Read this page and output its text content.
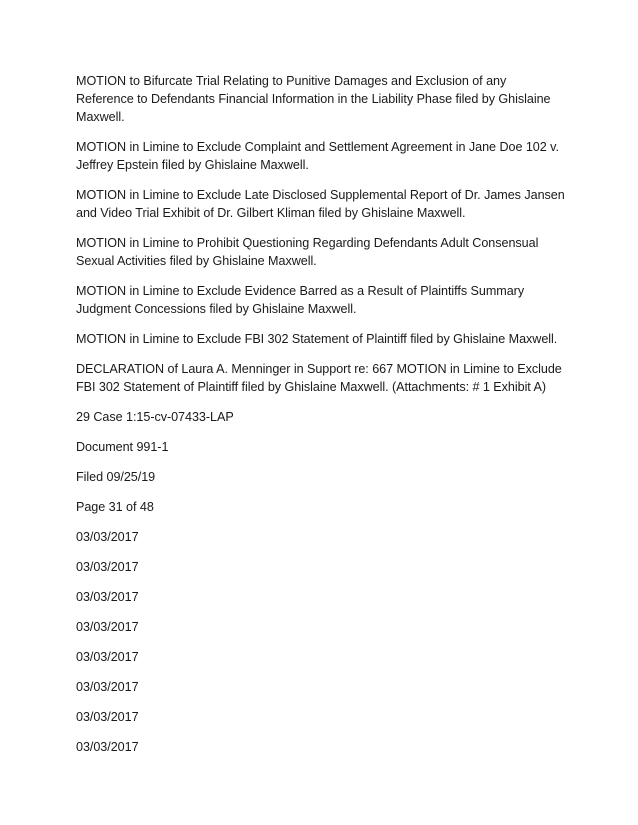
MOTION to Bifurcate Trial Relating to Punitive Damages and Exclusion of any Reference to Defendants Financial Information in the Liability Phase filed by Ghislaine Maxwell.

MOTION in Limine to Exclude Complaint and Settlement Agreement in Jane Doe 102 v. Jeffrey Epstein filed by Ghislaine Maxwell.

MOTION in Limine to Exclude Late Disclosed Supplemental Report of Dr. James Jansen and Video Trial Exhibit of Dr. Gilbert Kliman filed by Ghislaine Maxwell.

MOTION in Limine to Prohibit Questioning Regarding Defendants Adult Consensual Sexual Activities filed by Ghislaine Maxwell.

MOTION in Limine to Exclude Evidence Barred as a Result of Plaintiffs Summary Judgment Concessions filed by Ghislaine Maxwell.

MOTION in Limine to Exclude FBI 302 Statement of Plaintiff filed by Ghislaine Maxwell.

DECLARATION of Laura A. Menninger in Support re: 667 MOTION in Limine to Exclude FBI 302 Statement of Plaintiff filed by Ghislaine Maxwell. (Attachments: # 1 Exhibit A)

29 Case 1:15-cv-07433-LAP
Document 991-1
Filed 09/25/19
Page 31 of 48
03/03/2017
03/03/2017
03/03/2017
03/03/2017
03/03/2017
03/03/2017
03/03/2017
03/03/2017
